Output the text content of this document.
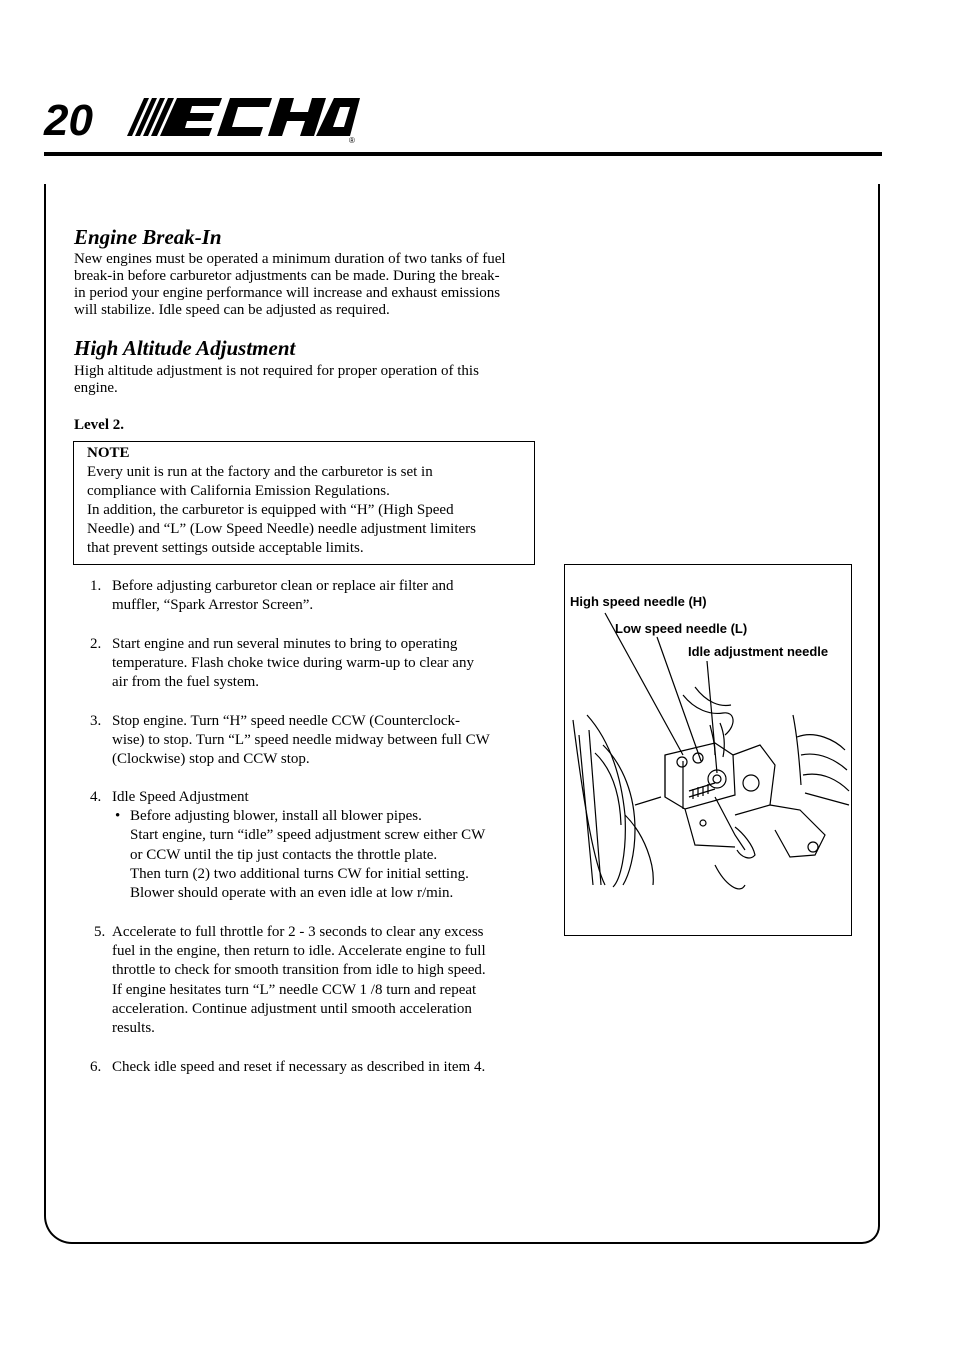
20	®
Engine Break-In
New engines must be operated a minimum duration of two tanks of fuel
break-in before carburetor adjustments can be made. During the break-
in period your engine performance will increase and exhaust emissions
will stabilize. Idle speed can be adjusted as required.
High Altitude Adjustment
High altitude adjustment is not required for proper operation of this
engine.
Level 2.
NOTE
Every unit is run at the factory and the carburetor is set in
compliance with California Emission Regulations.
In addition, the carburetor is equipped with “H” (High Speed
Needle) and “L” (Low Speed Needle) needle adjustment limiters
that prevent settings outside acceptable limits.
1. Before adjusting carburetor clean or replace air filter and
muffler, “Spark Arrestor Screen”.
2. Start engine and run several minutes to bring to operating
temperature. Flash choke twice during warm-up to clear any
air from the fuel system.
3. Stop engine. Turn “H” speed needle CCW (Counterclock-
wise) to stop. Turn “L” speed needle midway between full CW
(Clockwise) stop and CCW stop.
4. Idle Speed Adjustment
• Before adjusting blower, install all blower pipes.
Start engine, turn “idle” speed adjustment screw either CW
or CCW until the tip just contacts the throttle plate.
Then turn (2) two additional turns CW for initial setting.
Blower should operate with an even idle at low r/min.
5. Accelerate to full throttle for 2 - 3 seconds to clear any excess
fuel in the engine, then return to idle. Accelerate engine to full
throttle to check for smooth transition from idle to high speed.
If engine hesitates turn “L” needle CCW 1 /8 turn and repeat
acceleration. Continue adjustment until smooth acceleration
results.
6. Check idle speed and reset if necessary as described in item 4.
High speed needle (H)
Low speed needle (L)
Idle adjustment needle
